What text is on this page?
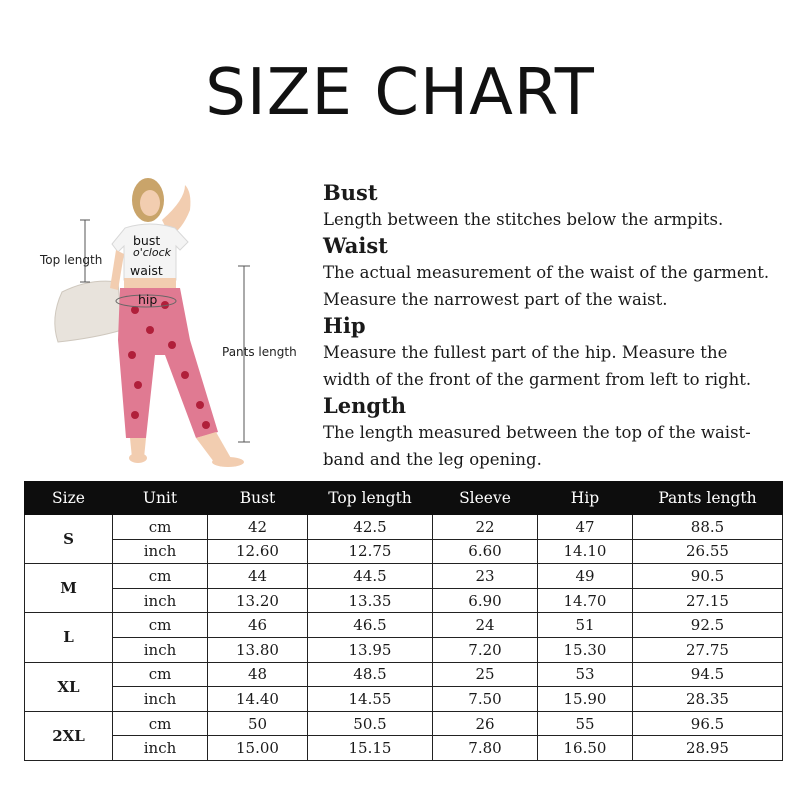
SIZE CHART
Top length
Pants length
bust
o'clock
waist
hip
Bust
Length between the stitches below the armpits.
Waist
The actual measurement of the waist of the garment.
Measure the narrowest part of the waist.
Hip
Measure the fullest part of the hip. Measure the
width of the front of the garment from left to right.
Length
The length measured between the top of the waist-
band and the leg opening.
Size	Unit	Bust	Top length	Sleeve	Hip	Pants length
S	cm	42	42.5	22	47	88.5
	inch	12.60	12.75	6.60	14.10	26.55
M	cm	44	44.5	23	49	90.5
	inch	13.20	13.35	6.90	14.70	27.15
L	cm	46	46.5	24	51	92.5
	inch	13.80	13.95	7.20	15.30	27.75
XL	cm	48	48.5	25	53	94.5
	inch	14.40	14.55	7.50	15.90	28.35
2XL	cm	50	50.5	26	55	96.5
	inch	15.00	15.15	7.80	16.50	28.95
